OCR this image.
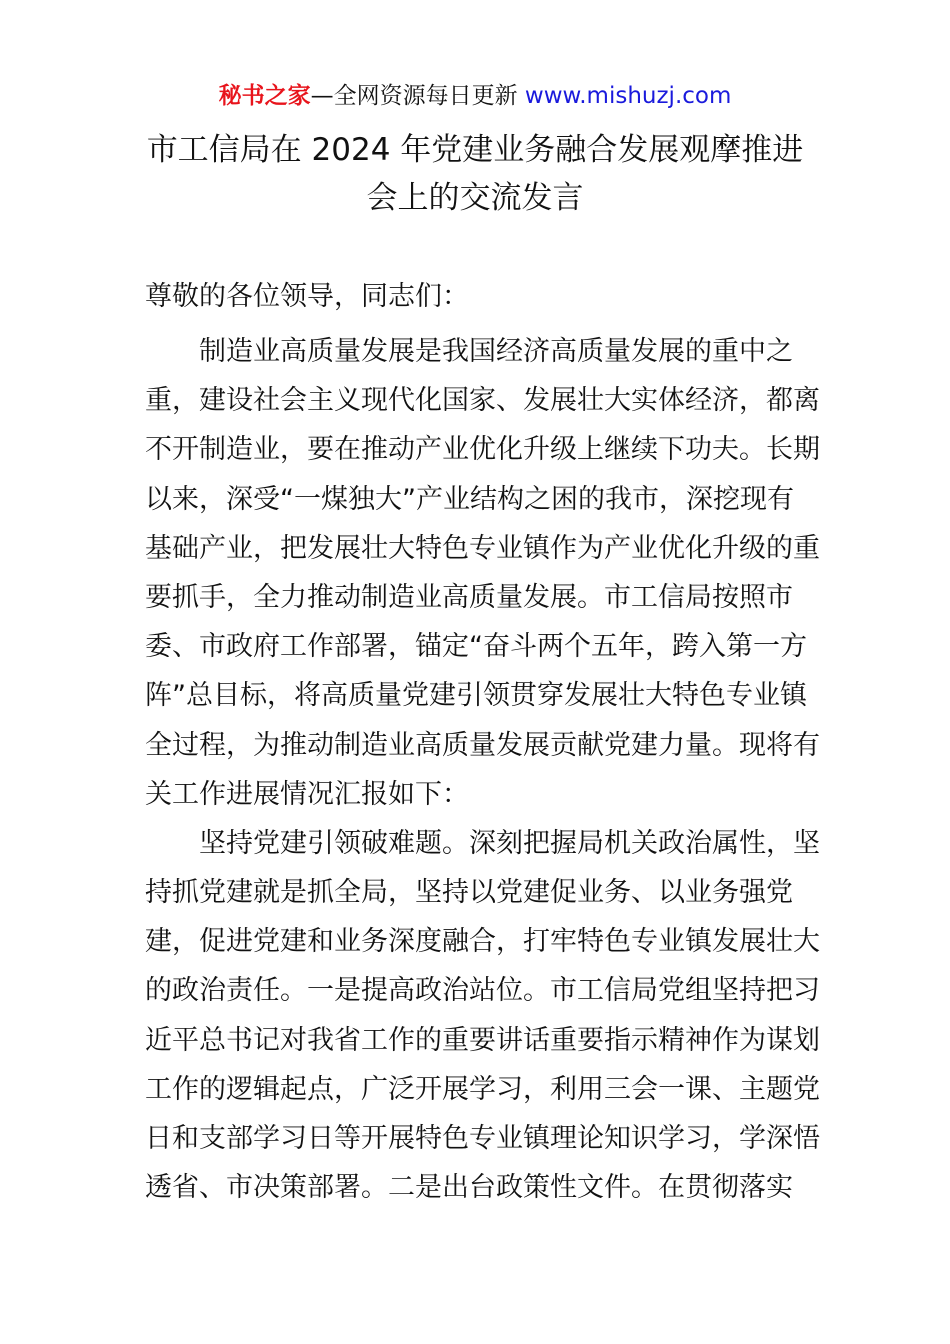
秘书之家—全网资源每日更新 www.mishuzj.com
市工信局在 2024 年党建业务融合发展观摩推进
会上的交流发言
尊敬的各位领导，同志们：
制造业高质量发展是我国经济高质量发展的重中之
重，建设社会主义现代化国家、发展壮大实体经济，都离
不开制造业，要在推动产业优化升级上继续下功夫。长期
以来，深受“一煤独大”产业结构之困的我市，深挖现有
基础产业，把发展壮大特色专业镇作为产业优化升级的重
要抓手，全力推动制造业高质量发展。市工信局按照市
委、市政府工作部署，锚定“奋斗两个五年，跨入第一方
阵”总目标，将高质量党建引领贯穿发展壮大特色专业镇
全过程，为推动制造业高质量发展贡献党建力量。现将有
关工作进展情况汇报如下：
坚持党建引领破难题。深刻把握局机关政治属性，坚
持抓党建就是抓全局，坚持以党建促业务、以业务强党
建，促进党建和业务深度融合，打牢特色专业镇发展壮大
的政治责任。一是提高政治站位。市工信局党组坚持把习
近平总书记对我省工作的重要讲话重要指示精神作为谋划
工作的逻辑起点，广泛开展学习，利用三会一课、主题党
日和支部学习日等开展特色专业镇理论知识学习，学深悟
透省、市决策部署。二是出台政策性文件。在贯彻落实
